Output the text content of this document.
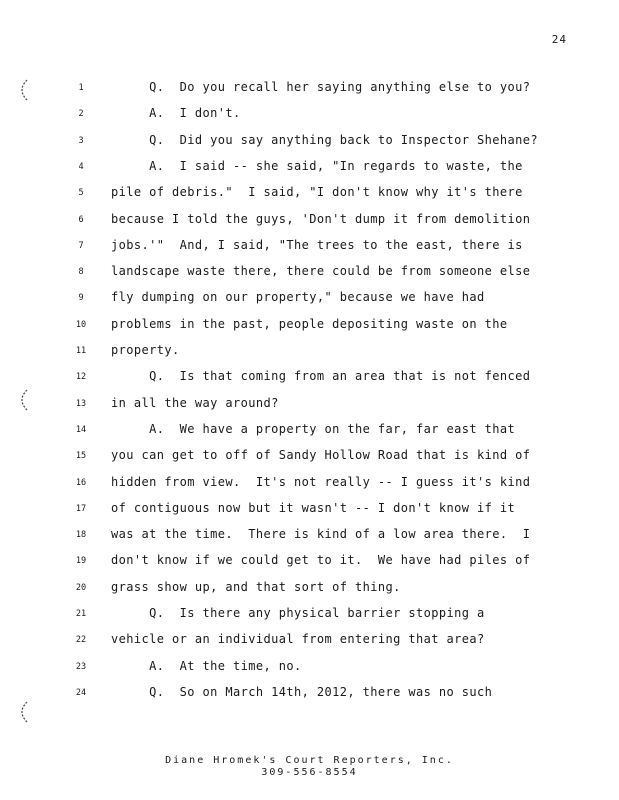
24
1	Q.  Do you recall her saying anything else to you?
2	A.  I don't.
3	Q.  Did you say anything back to Inspector Shehane?
4	A.  I said -- she said, "In regards to waste, the
5	pile of debris."  I said, "I don't know why it's there
6	because I told the guys, 'Don't dump it from demolition
7	jobs.'"  And, I said, "The trees to the east, there is
8	landscape waste there, there could be from someone else
9	fly dumping on our property," because we have had
10	problems in the past, people depositing waste on the
11	property.
12	Q.  Is that coming from an area that is not fenced
13	in all the way around?
14	A.  We have a property on the far, far east that
15	you can get to off of Sandy Hollow Road that is kind of
16	hidden from view.  It's not really -- I guess it's kind
17	of contiguous now but it wasn't -- I don't know if it
18	was at the time.  There is kind of a low area there.  I
19	don't know if we could get to it.  We have had piles of
20	grass show up, and that sort of thing.
21	Q.  Is there any physical barrier stopping a
22	vehicle or an individual from entering that area?
23	A.  At the time, no.
24	Q.  So on March 14th, 2012, there was no such
Diane Hromek's Court Reporters, Inc.
309-556-8554
